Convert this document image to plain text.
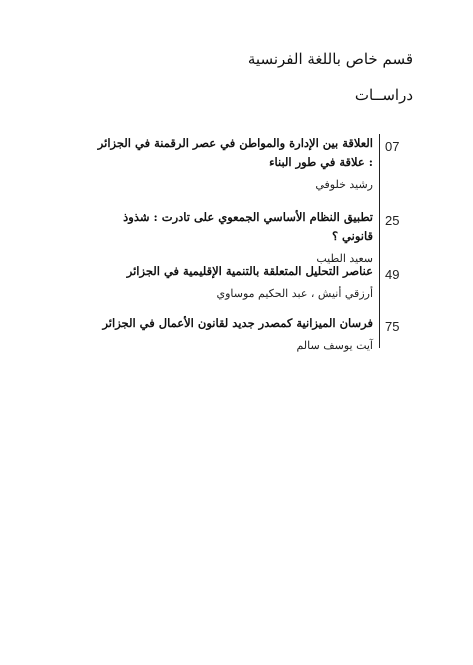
قسم خاص باللغة الفرنسية
دراســات
07
العلاقة بين الإدارة والمواطن في عصر الرقمنة في الجزائر : علاقة في طور البناء
رشيد خلوفي
25
تطبيق النظام الأساسي الجمعوي على تادرت : شذوذ قانوني ؟
سعيد الطيب
49
عناصر التحليل المتعلقة بالتنمية الإقليمية في الجزائر
أرزقي أنيش ، عبد الحكيم موساوي
75
فرسان الميزانية كمصدر جديد لقانون الأعمال في الجزائر
آيت يوسف سالم
